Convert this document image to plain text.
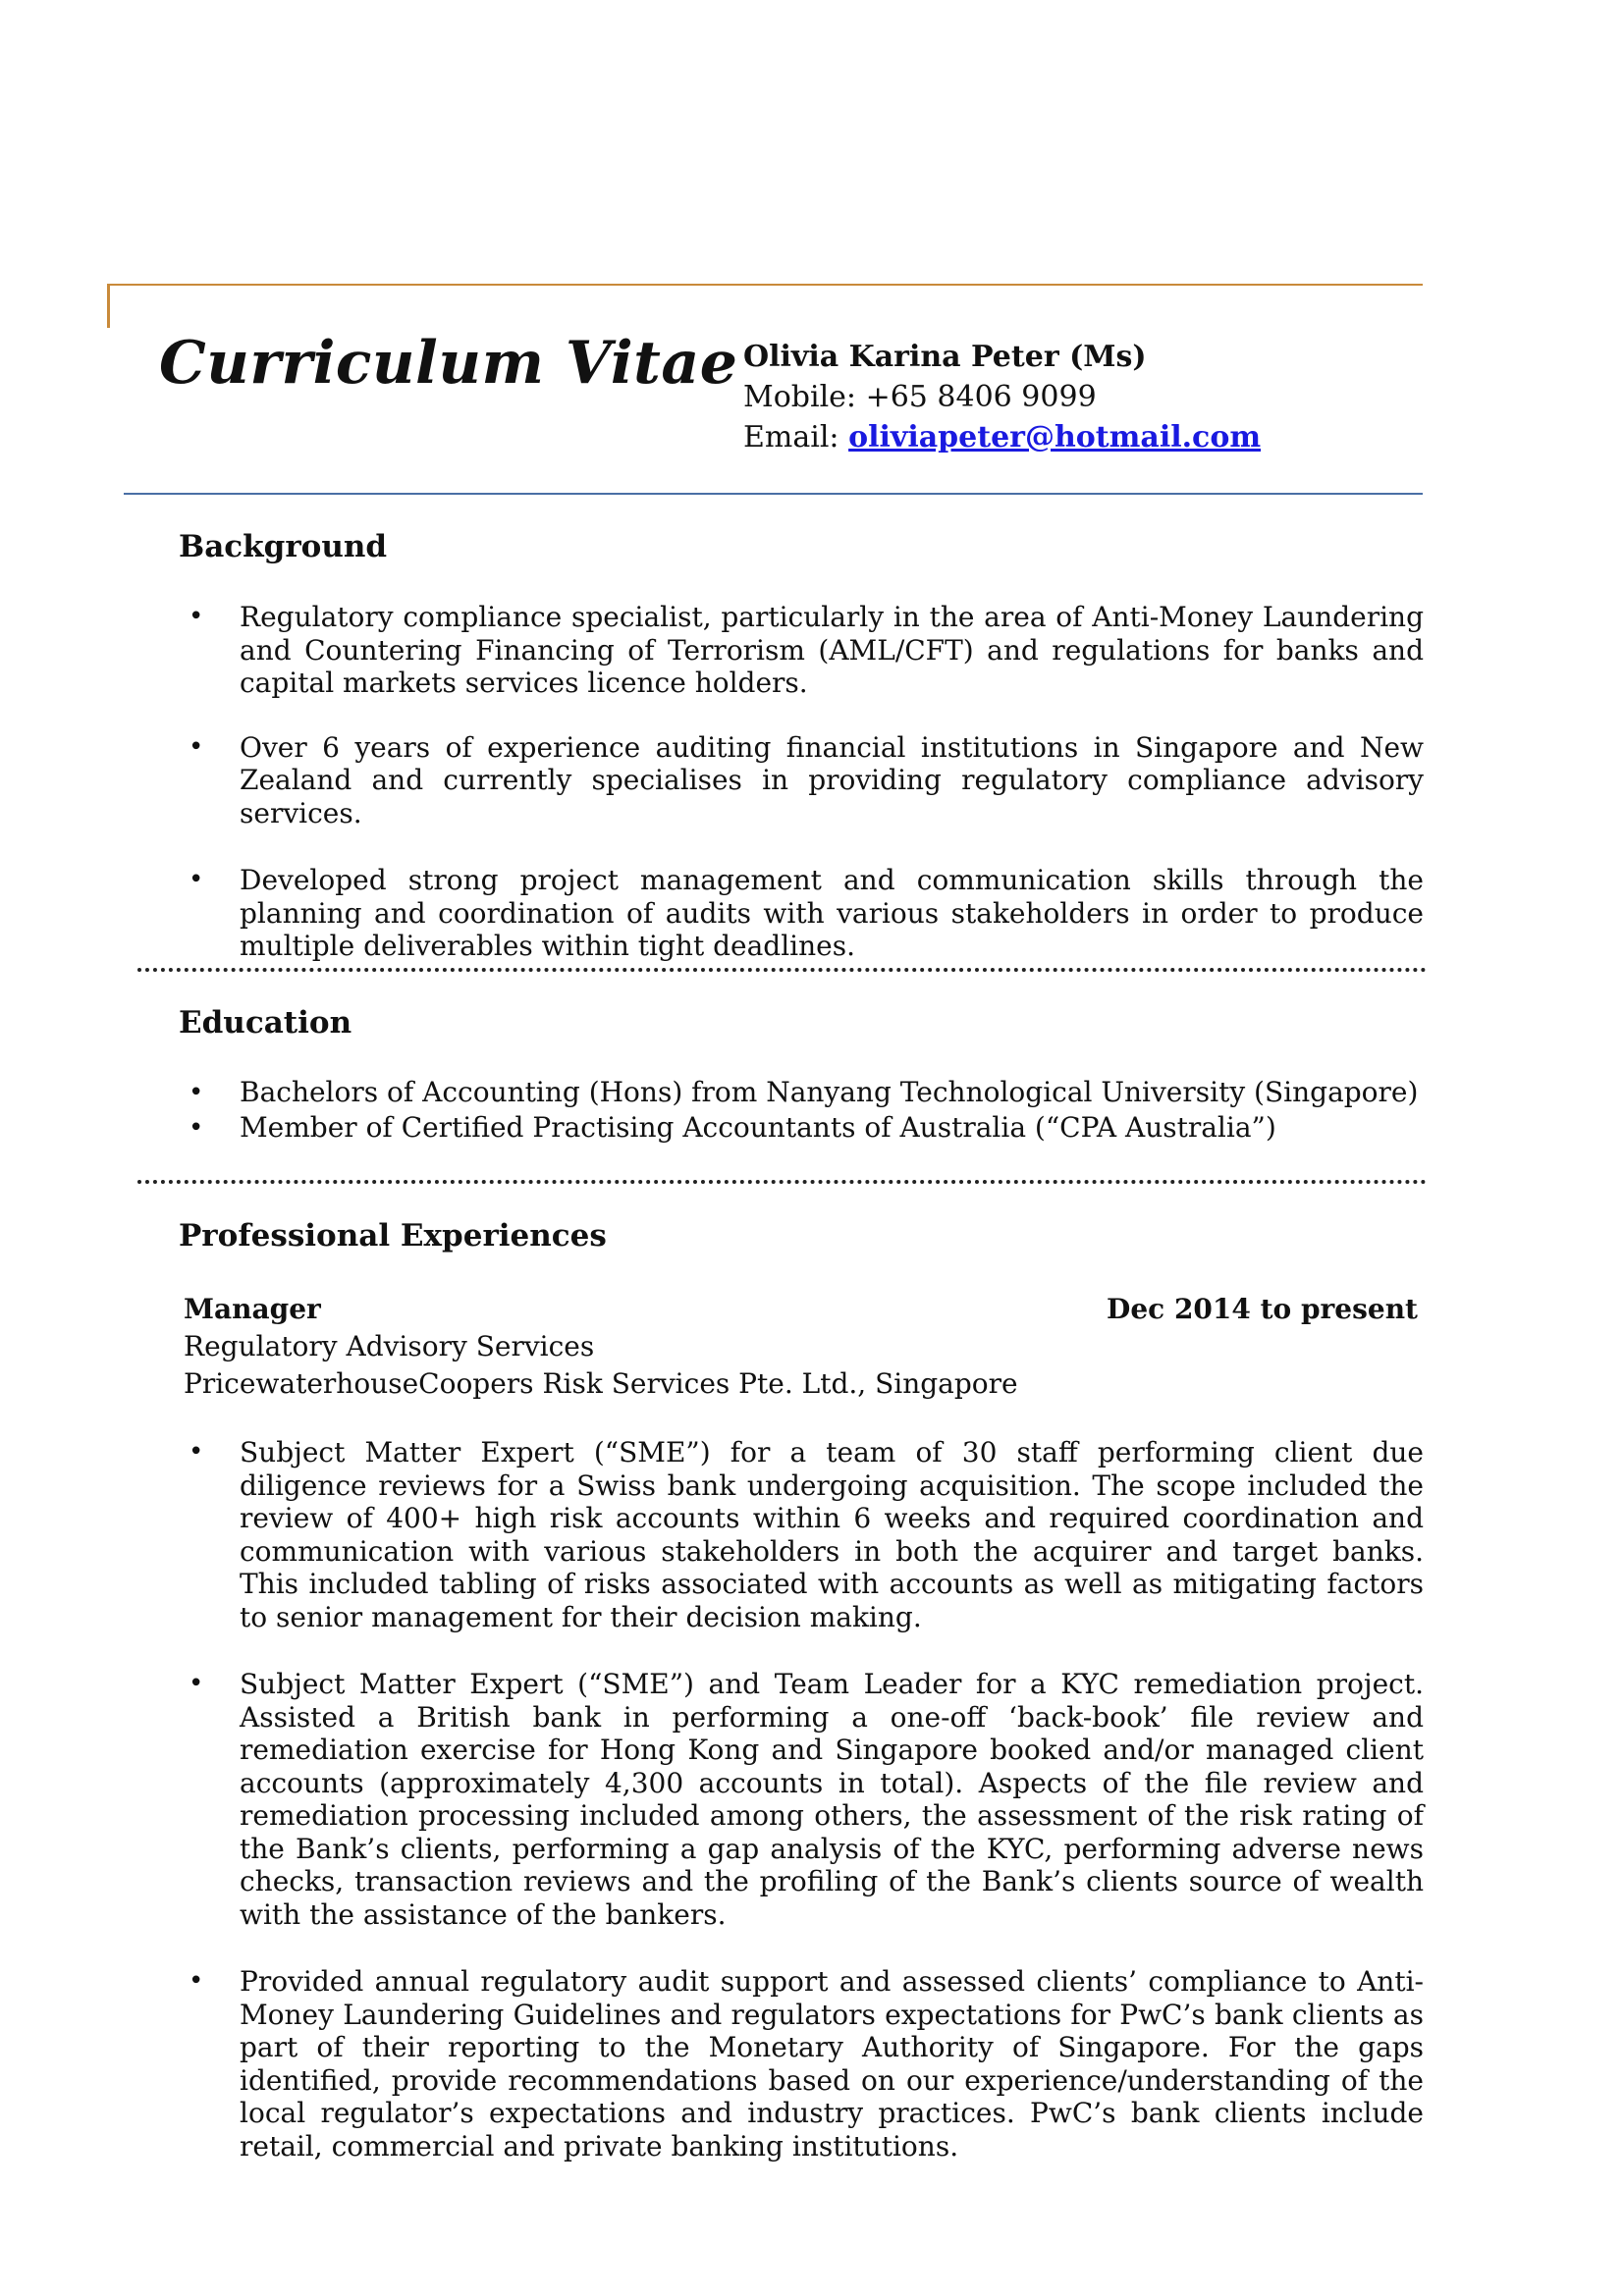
Curriculum Vitae Olivia Karina Peter (Ms)
Mobile: +65 8406 9099
Email: oliviapeter@hotmail.com
Background
• Regulatory compliance specialist, particularly in the area of Anti-Money Laundering and Countering Financing of Terrorism (AML/CFT) and regulations for banks and capital markets services licence holders.
• Over 6 years of experience auditing financial institutions in Singapore and New Zealand and currently specialises in providing regulatory compliance advisory services.
• Developed strong project management and communication skills through the planning and coordination of audits with various stakeholders in order to produce multiple deliverables within tight deadlines.
Education
• Bachelors of Accounting (Hons) from Nanyang Technological University (Singapore)
• Member of Certified Practising Accountants of Australia (“CPA Australia”)
Professional Experiences
Manager	Dec 2014 to present
Regulatory Advisory Services
PricewaterhouseCoopers Risk Services Pte. Ltd., Singapore
• Subject Matter Expert (“SME”) for a team of 30 staff performing client due diligence reviews for a Swiss bank undergoing acquisition. The scope included the review of 400+ high risk accounts within 6 weeks and required coordination and communication with various stakeholders in both the acquirer and target banks. This included tabling of risks associated with accounts as well as mitigating factors to senior management for their decision making.
• Subject Matter Expert (“SME”) and Team Leader for a KYC remediation project. Assisted a British bank in performing a one-off ‘back-book’ file review and remediation exercise for Hong Kong and Singapore booked and/or managed client accounts (approximately 4,300 accounts in total). Aspects of the file review and remediation processing included among others, the assessment of the risk rating of the Bank’s clients, performing a gap analysis of the KYC, performing adverse news checks, transaction reviews and the profiling of the Bank’s clients source of wealth with the assistance of the bankers.
• Provided annual regulatory audit support and assessed clients’ compliance to Anti-Money Laundering Guidelines and regulators expectations for PwC’s bank clients as part of their reporting to the Monetary Authority of Singapore. For the gaps identified, provide recommendations based on our experience/understanding of the local regulator’s expectations and industry practices. PwC’s bank clients include retail, commercial and private banking institutions.
